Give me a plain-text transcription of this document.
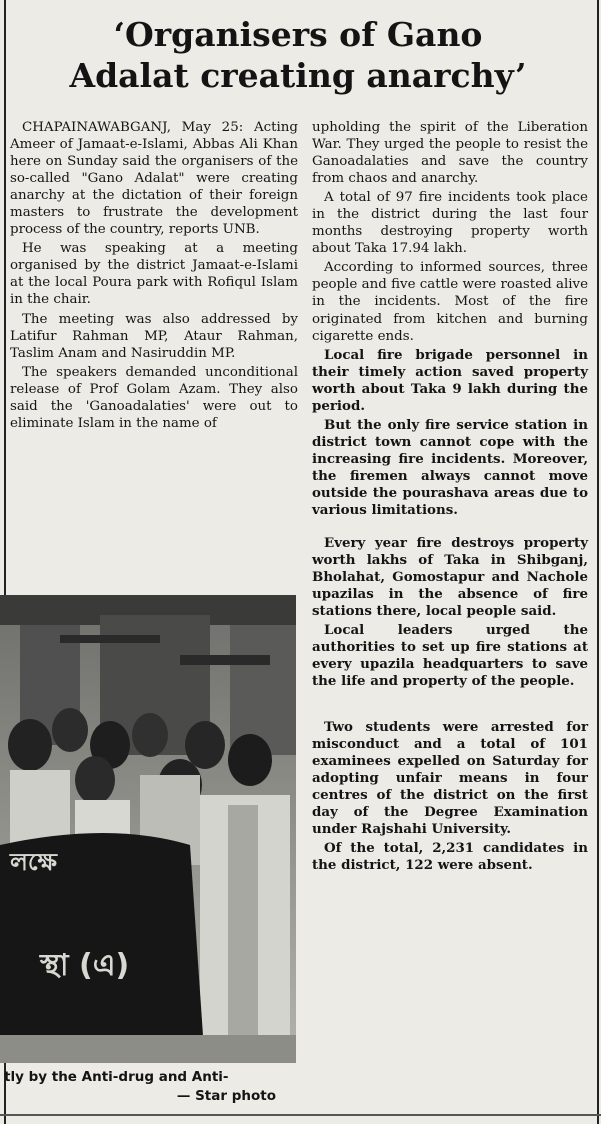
‘Organisers of Gano
Adalat creating anarchy’

CHAPAINAWABGANJ, May 25: Acting Ameer of Jamaat-e-Islami, Abbas Ali Khan here on Sunday said the organisers of the so-called "Gano Adalat" were creating anarchy at the dictation of their foreign masters to frustrate the development process of the country, reports UNB.

He was speaking at a meeting organised by the district Jamaat-e-Islami at the local Poura park with Rofiqul Islam in the chair.

The meeting was also addressed by Latifur Rahman MP, Ataur Rahman, Taslim Anam and Nasiruddin MP.

The speakers demanded unconditional release of Prof Golam Azam. They also said the 'Ganoadalaties' were out to eliminate Islam in the name of

লক্ষে
স্থা (এ)
tly by the Anti-drug and Anti-
— Star photo

upholding the spirit of the Liberation War. They urged the people to resist the Ganoadalaties and save the country from chaos and anarchy.

A total of 97 fire incidents took place in the district during the last four months destroying property worth about Taka 17.94 lakh.

According to informed sources, three people and five cattle were roasted alive in the incidents. Most of the fire originated from kitchen and burning cigarette ends.

Local fire brigade personnel in their timely action saved property worth about Taka 9 lakh during the period.

But the only fire service station in district town cannot cope with the increasing fire incidents. Moreover, the firemen always cannot move outside the pourashava areas due to various limitations.

Every year fire destroys property worth lakhs of Taka in Shibganj, Bholahat, Gomostapur and Nachole upazilas in the absence of fire stations there, local people said.

Local leaders urged the authorities to set up fire stations at every upazila headquarters to save the life and property of the people.

Two students were arrested for misconduct and a total of 101 examinees expelled on Saturday for adopting unfair means in four centres of the district on the first day of the Degree Examination under Rajshahi University.

Of the total, 2,231 candidates in the district, 122 were absent.
